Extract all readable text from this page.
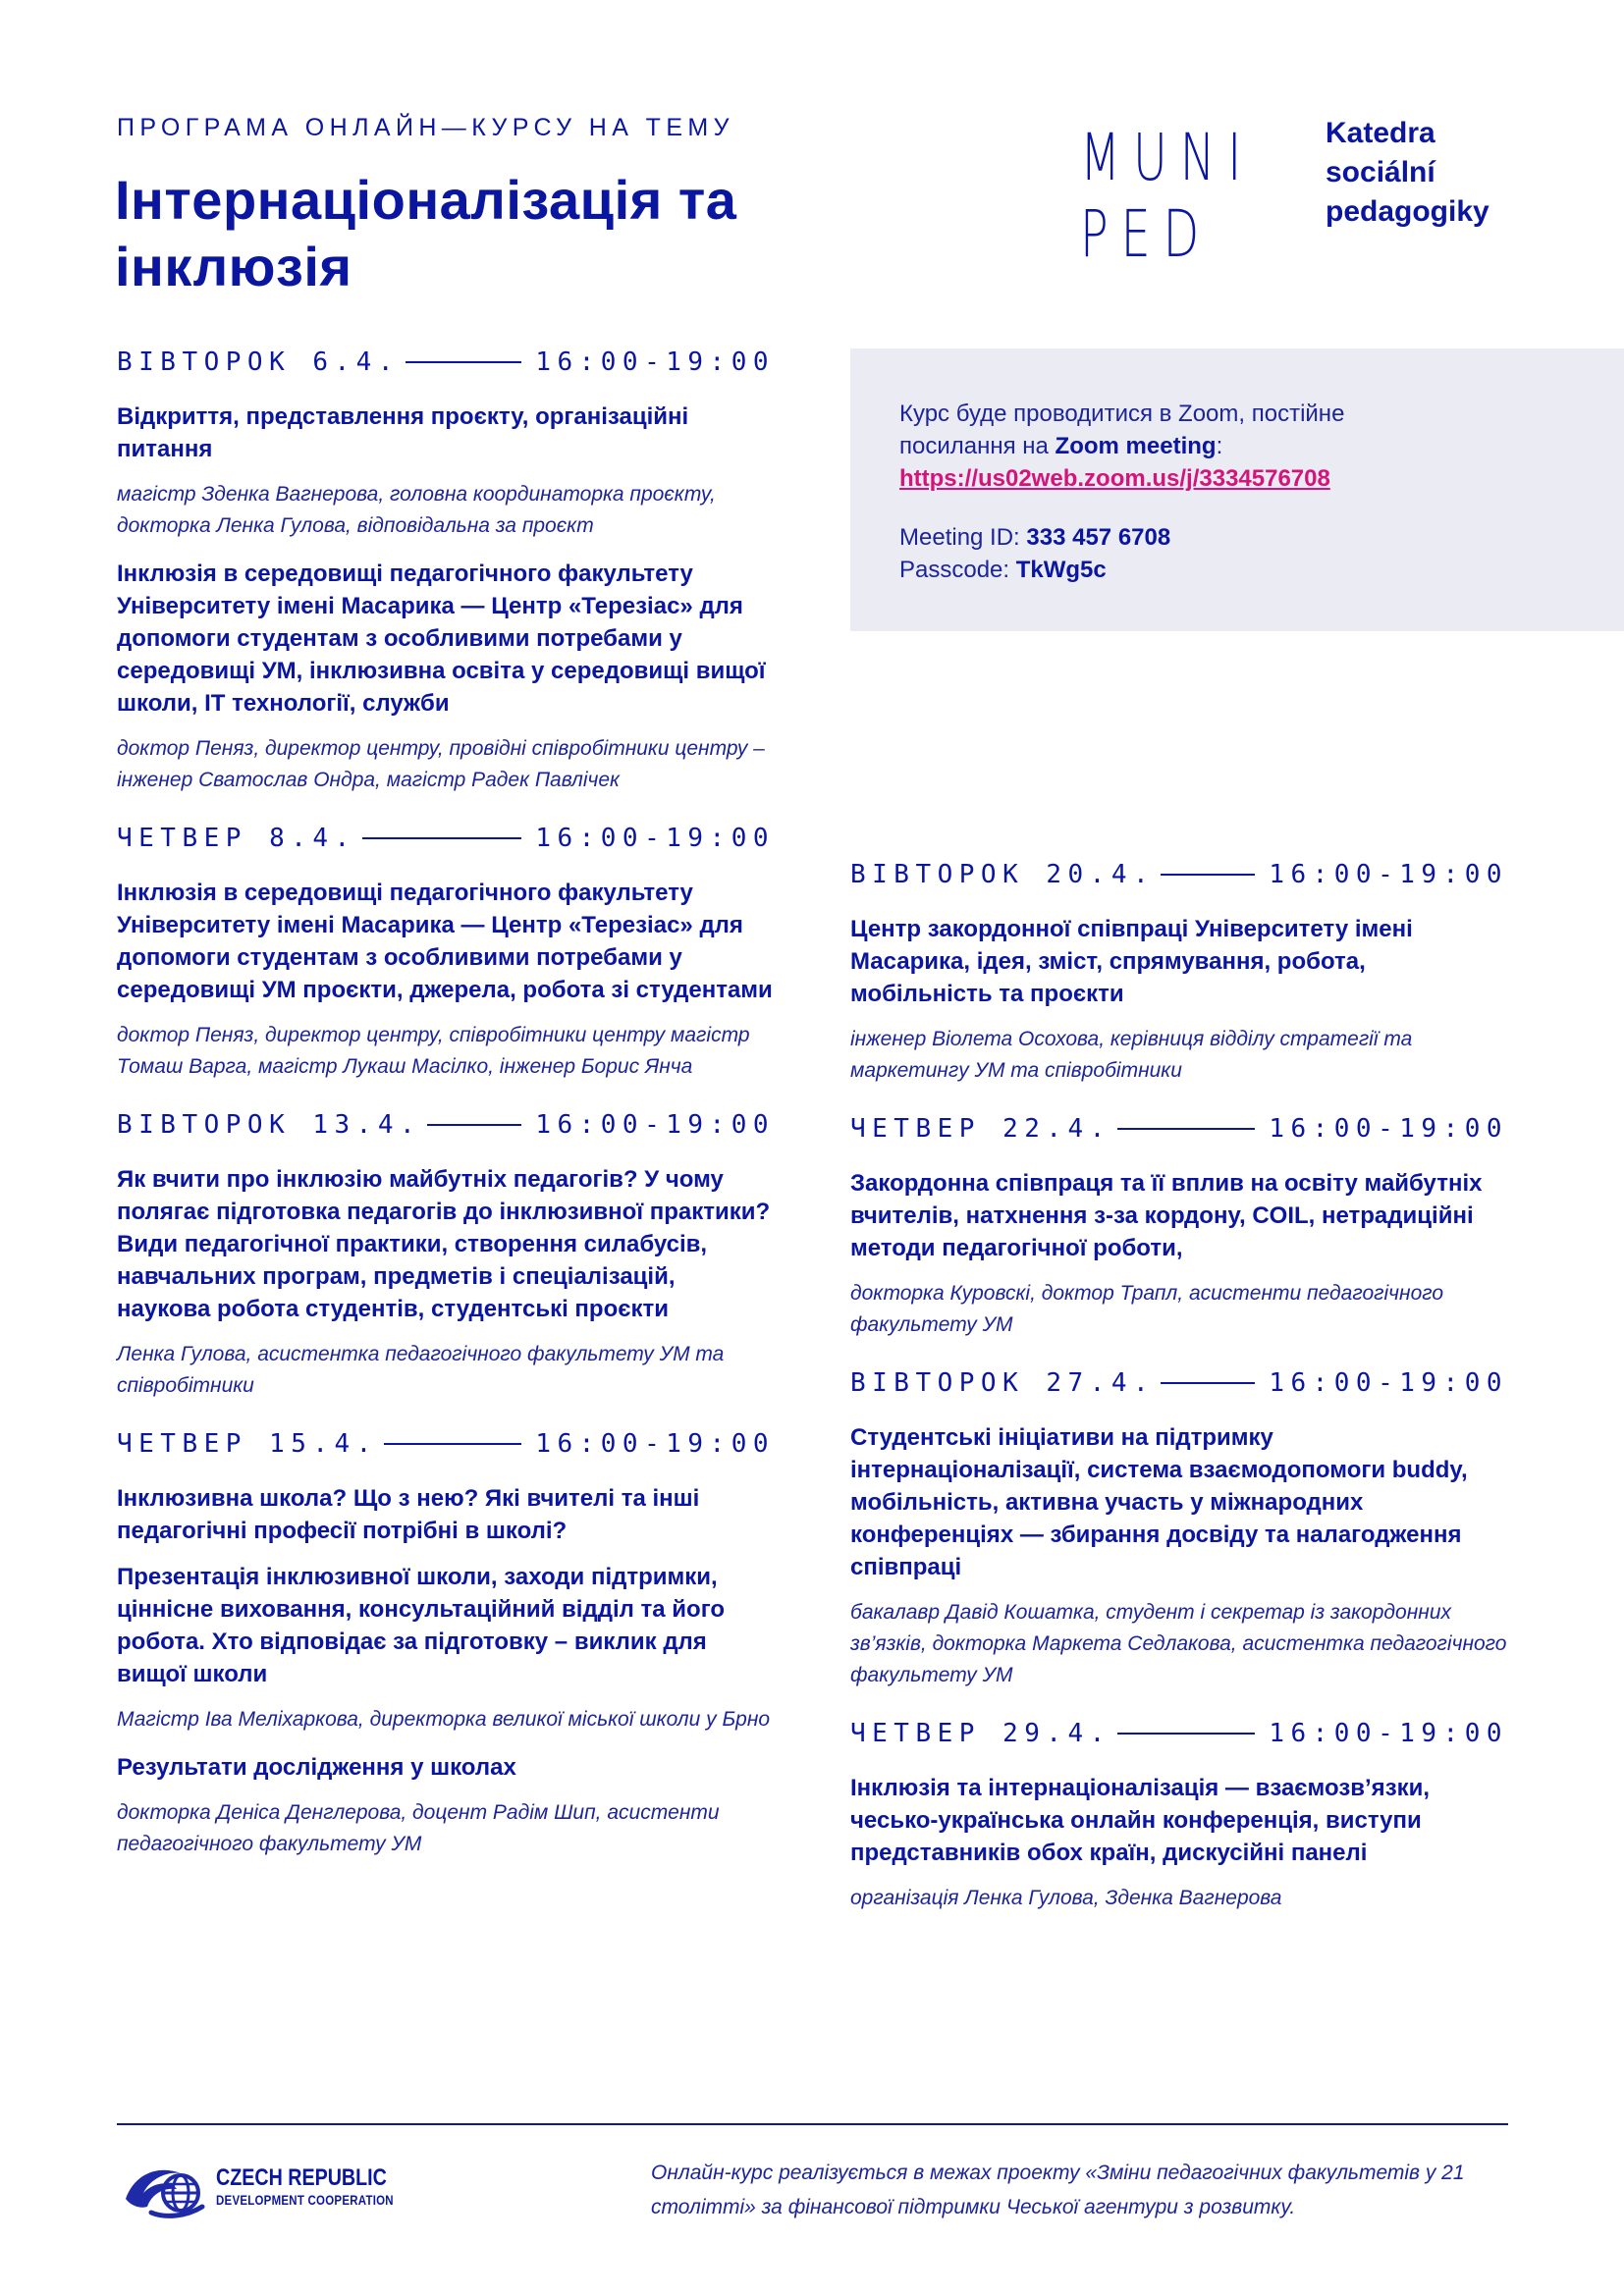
ПРОГРАМА ОНЛАЙН—КУРСУ НА ТЕМУ
Інтернаціоналізація та інклюзія
MUNI
PED
Katedra
sociální
pedagogiky
Курс буде проводитися в Zoom, постійне
посилання на Zoom meeting:
https://us02web.zoom.us/j/3334576708
Meeting ID: 333 457 6708
Passcode: TkWg5c
ВІВТОРОК 6.4.	16:00-19:00
Відкриття, представлення проєкту, організаційні питання
магістр Зденка Вагнерова, головна координаторка проєкту, докторка Ленка Гулова, відповідальна за проєкт
Інклюзія в середовищі педагогічного факультету Університету імені Масарика — Центр «Терезіас» для допомоги студентам з особливими потребами у середовищі УМ, інклюзивна освіта у середовищі вищої школи, IT технології, служби
доктор Пеняз, директор центру, провідні співробітники центру – інженер Сватослав Ондра, магістр Радек Павлічек
ЧЕТВЕР 8.4.	16:00-19:00
Інклюзія в середовищі педагогічного факультету Університету імені Масарика — Центр «Терезіас» для допомоги студентам з особливими потребами у середовищі УМ проєкти, джерела, робота зі студентами
доктор Пеняз, директор центру, співробітники центру магістр Томаш Варга, магістр Лукаш Масілко, інженер Борис Янча
ВІВТОРОК 13.4.	16:00-19:00
Як вчити про інклюзію майбутніх педагогів? У чому полягає підготовка педагогів до інклюзивної практики? Види педагогічної практики, створення силабусів, навчальних програм, предметів і спеціалізацій, наукова робота студентів, студентські проєкти
Ленка Гулова, асистентка педагогічного факультету УМ та співробітники
ЧЕТВЕР 15.4.	16:00-19:00
Інклюзивна школа? Що з нею? Які вчителі та інші педагогічні професії потрібні в школі?
Презентація інклюзивної школи, заходи підтримки, ціннісне виховання, консультаційний відділ та його робота. Хто відповідає за підготовку – виклик для вищої школи
Магістр Іва Меліхаркова, директорка великої міської школи у Брно
Результати дослідження у школах
докторка Деніса Денглерова, доцент Радім Шип, асистенти педагогічного факультету УМ
ВІВТОРОК 20.4.	16:00-19:00
Центр закордонної співпраці Університету імені Масарика, ідея, зміст, спрямування, робота, мобільність та проєкти
інженер Віолета Осохова, керівниця відділу стратегії та маркетингу УМ та співробітники
ЧЕТВЕР 22.4.	16:00-19:00
Закордонна співпраця та її вплив на освіту майбутніх вчителів, натхнення з-за кордону, COIL, нетрадиційні методи педагогічної роботи,
докторка Куровскі, доктор Трапл, асистенти педагогічного факультету УМ
ВІВТОРОК 27.4.	16:00-19:00
Студентські ініціативи на підтримку інтернаціоналізації, система взаємодопомоги buddy, мобільність, активна участь у міжнародних конференціях — збирання досвіду та налагодження співпраці
бакалавр Давід Кошатка, студент і секретар із закордонних зв’язків, докторка Маркета Седлакова, асистентка педагогічного факультету УМ
ЧЕТВЕР 29.4.	16:00-19:00
Інклюзія та інтернаціоналізація — взаємозв’язки, чесько-українська онлайн конференція, виступи представників обох країн, дискусійні панелі
організація Ленка Гулова, Зденка Вагнерова
CZECH REPUBLIC
DEVELOPMENT COOPERATION
Онлайн-курс реалізується в межах проекту «Зміни педагогічних факультетів у 21 столітті» за фінансової підтримки Чеської агентури з розвитку.
